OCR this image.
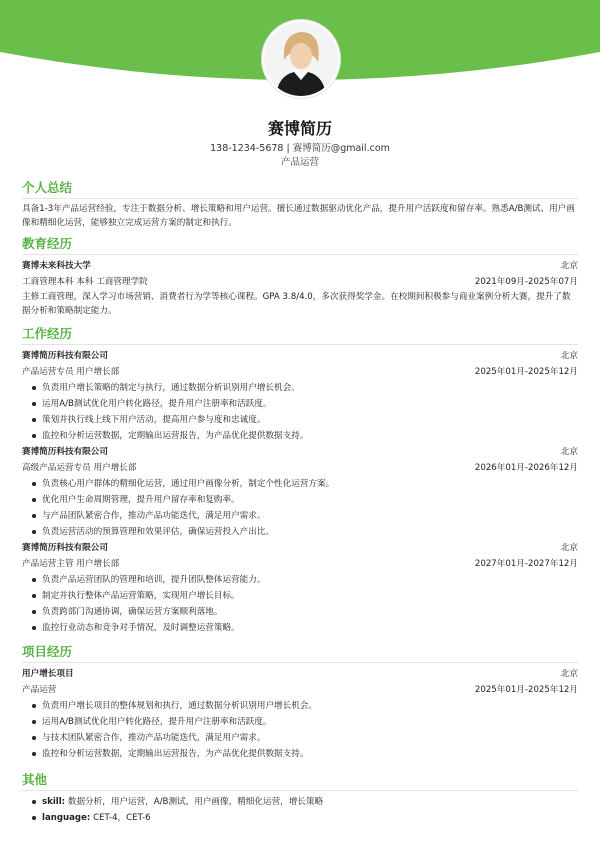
赛博简历
138-1234-5678 | 赛博简历@gmail.com
产品运营
个人总结
具备1-3年产品运营经验，专注于数据分析、增长策略和用户运营。擅长通过数据驱动优化产品，提升用户活跃度和留存率。熟悉A/B测试、用户画像和精细化运营，能够独立完成运营方案的制定和执行。
教育经历
赛博未来科技大学	北京
工商管理本科 本科 工商管理学院	2021年09月-2025年07月
主修工商管理，深入学习市场营销、消费者行为学等核心课程。GPA 3.8/4.0，多次获得奖学金。在校期间积极参与商业案例分析大赛，提升了数据分析和策略制定能力。
工作经历
赛博简历科技有限公司	北京
产品运营专员 用户增长部	2025年01月-2025年12月
负责用户增长策略的制定与执行，通过数据分析识别用户增长机会。
运用A/B测试优化用户转化路径，提升用户注册率和活跃度。
策划并执行线上线下用户活动，提高用户参与度和忠诚度。
监控和分析运营数据，定期输出运营报告，为产品优化提供数据支持。
赛博简历科技有限公司	北京
高级产品运营专员 用户增长部	2026年01月-2026年12月
负责核心用户群体的精细化运营，通过用户画像分析，制定个性化运营方案。
优化用户生命周期管理，提升用户留存率和复购率。
与产品团队紧密合作，推动产品功能迭代，满足用户需求。
负责运营活动的预算管理和效果评估，确保运营投入产出比。
赛博简历科技有限公司	北京
产品运营主管 用户增长部	2027年01月-2027年12月
负责产品运营团队的管理和培训，提升团队整体运营能力。
制定并执行整体产品运营策略，实现用户增长目标。
负责跨部门沟通协调，确保运营方案顺利落地。
监控行业动态和竞争对手情况，及时调整运营策略。
项目经历
用户增长项目	北京
产品运营	2025年01月-2025年12月
负责用户增长项目的整体规划和执行，通过数据分析识别用户增长机会。
运用A/B测试优化用户转化路径，提升用户注册率和活跃度。
与技术团队紧密合作，推动产品功能迭代，满足用户需求。
监控和分析运营数据，定期输出运营报告，为产品优化提供数据支持。
其他
skill: 数据分析，用户运营，A/B测试，用户画像，精细化运营，增长策略
language: CET-4，CET-6
